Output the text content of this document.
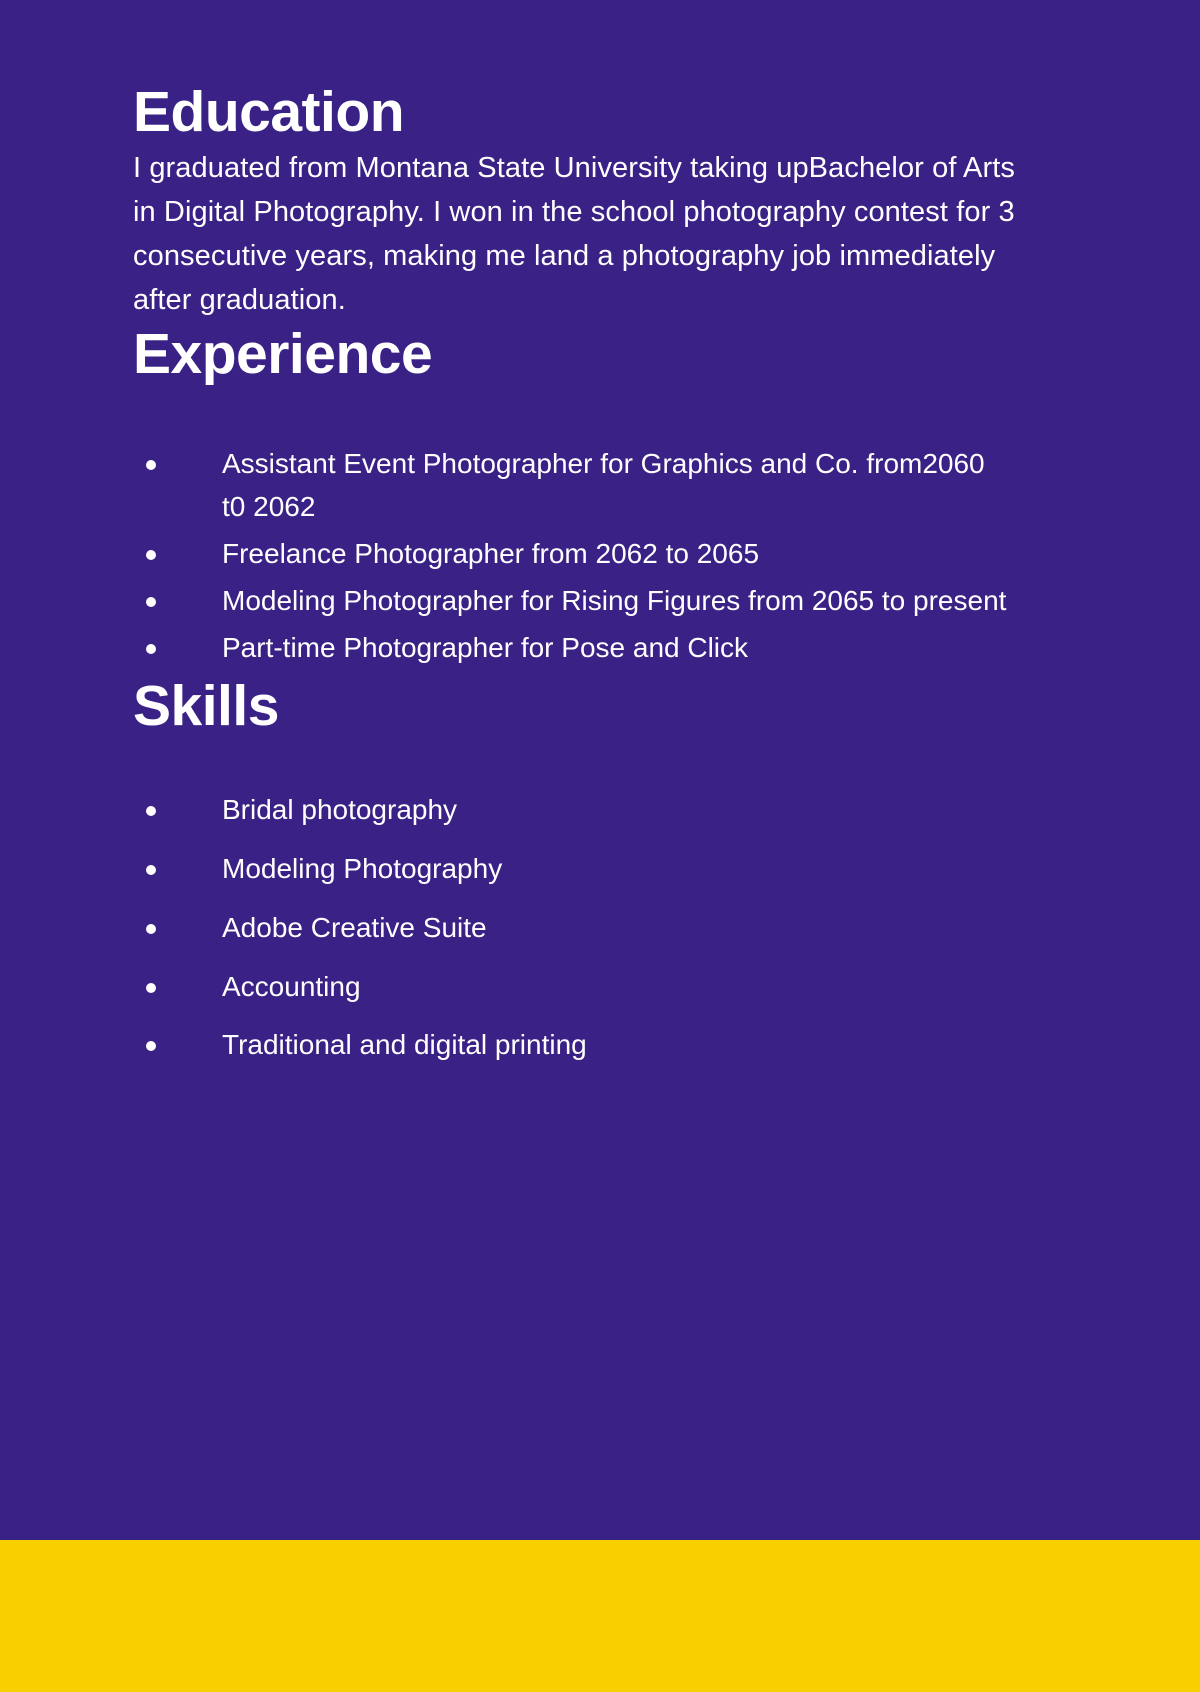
Education

I graduated from Montana State University taking upBachelor of Arts in Digital Photography. I won in the school photography contest for 3 consecutive years, making me land a photography job immediately after graduation.

Experience
Assistant Event Photographer for Graphics and Co. from2060 t0 2062
Freelance Photographer from 2062 to 2065
Modeling Photographer for Rising Figures from 2065 to present
Part-time Photographer for Pose and Click
Skills
Bridal photography
Modeling Photography
Adobe Creative Suite
Accounting
Traditional and digital printing
